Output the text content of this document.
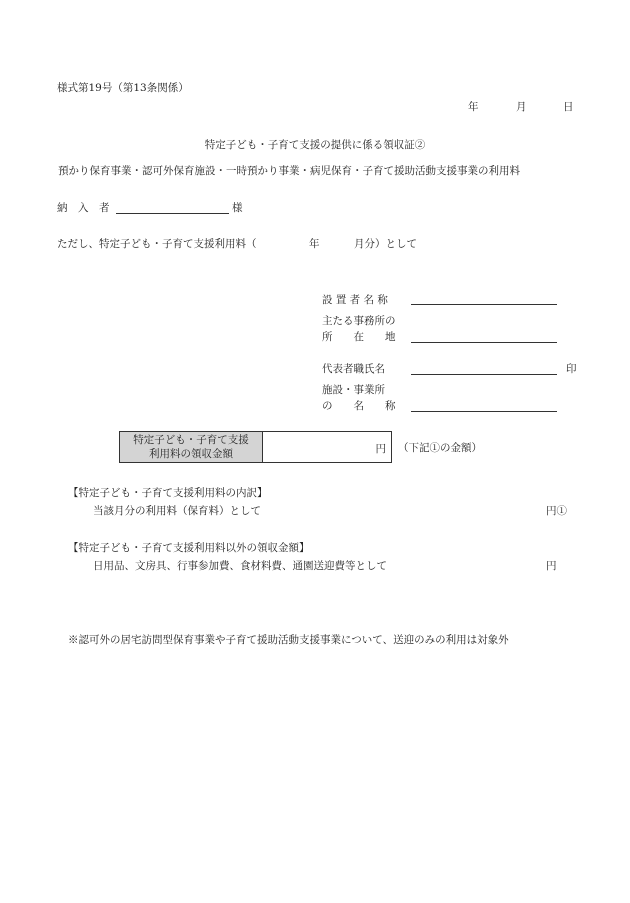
様式第19号（第13条関係）
年	月	日
特定子ども・子育て支援の提供に係る領収証②
預かり保育事業・認可外保育施設・一時預かり事業・病児保育・子育て援助活動支援事業の利用料
納　入　者	様
ただし、特定子ども・子育て支援利用料（	年	月分）として
設 置 者 名 称
主たる事務所の
所　　在　　地
代表者職氏名	印
施設・事業所
の　　名　　称
特定子ども・子育て支援
利用料の領収金額	円 （下記①の金額）
【特定子ども・子育て支援利用料の内訳】
当該月分の利用料（保育料）として	円①
【特定子ども・子育て支援利用料以外の領収金額】
日用品、文房具、行事参加費、食材料費、通園送迎費等として	円
※認可外の居宅訪問型保育事業や子育て援助活動支援事業について、送迎のみの利用は対象外
